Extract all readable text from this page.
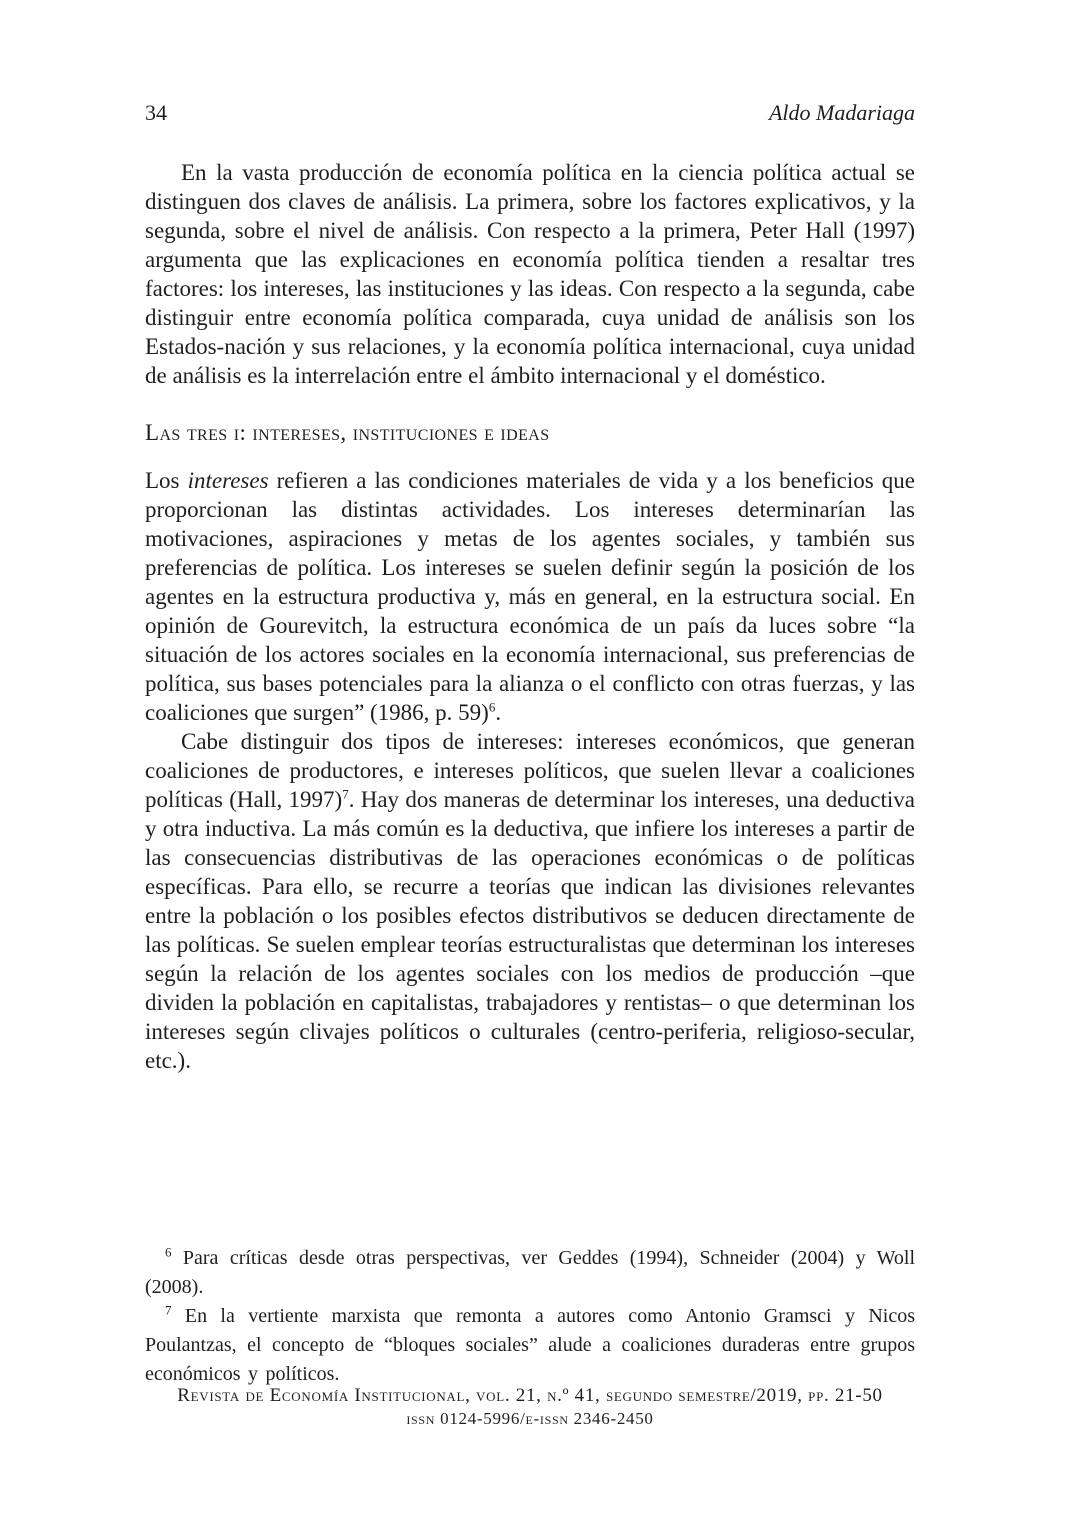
34	Aldo Madariaga

En la vasta producción de economía política en la ciencia política actual se distinguen dos claves de análisis. La primera, sobre los factores explicativos, y la segunda, sobre el nivel de análisis. Con respecto a la primera, Peter Hall (1997) argumenta que las explicaciones en economía política tienden a resaltar tres factores: los intereses, las instituciones y las ideas. Con respecto a la segunda, cabe distinguir entre economía política comparada, cuya unidad de análisis son los Estados-nación y sus relaciones, y la economía política internacional, cuya unidad de análisis es la interrelación entre el ámbito internacional y el doméstico.

Las tres i: intereses, instituciones e ideas

Los intereses refieren a las condiciones materiales de vida y a los beneficios que proporcionan las distintas actividades. Los intereses determinarían las motivaciones, aspiraciones y metas de los agentes sociales, y también sus preferencias de política. Los intereses se suelen definir según la posición de los agentes en la estructura productiva y, más en general, en la estructura social. En opinión de Gourevitch, la estructura económica de un país da luces sobre “la situación de los actores sociales en la economía internacional, sus preferencias de política, sus bases potenciales para la alianza o el conflicto con otras fuerzas, y las coaliciones que surgen” (1986, p. 59)$^6$.

Cabe distinguir dos tipos de intereses: intereses económicos, que generan coaliciones de productores, e intereses políticos, que suelen llevar a coaliciones políticas (Hall, 1997)$^7$. Hay dos maneras de determinar los intereses, una deductiva y otra inductiva. La más común es la deductiva, que infiere los intereses a partir de las consecuencias distributivas de las operaciones económicas o de políticas específicas. Para ello, se recurre a teorías que indican las divisiones relevantes entre la población o los posibles efectos distributivos se deducen directamente de las políticas. Se suelen emplear teorías estructuralistas que determinan los intereses según la relación de los agentes sociales con los medios de producción –que dividen la población en capitalistas, trabajadores y rentistas– o que determinan los intereses según clivajes políticos o culturales (centro-periferia, religioso-secular, etc.).

$^6$ Para críticas desde otras perspectivas, ver Geddes (1994), Schneider (2004) y Woll (2008).

$^7$ En la vertiente marxista que remonta a autores como Antonio Gramsci y Nicos Poulantzas, el concepto de “bloques sociales” alude a coaliciones duraderas entre grupos económicos y políticos.

Revista de Economía Institucional, vol. 21, n.º 41, segundo semestre/2019, pp. 21-50
issn 0124-5996/e-issn 2346-2450
